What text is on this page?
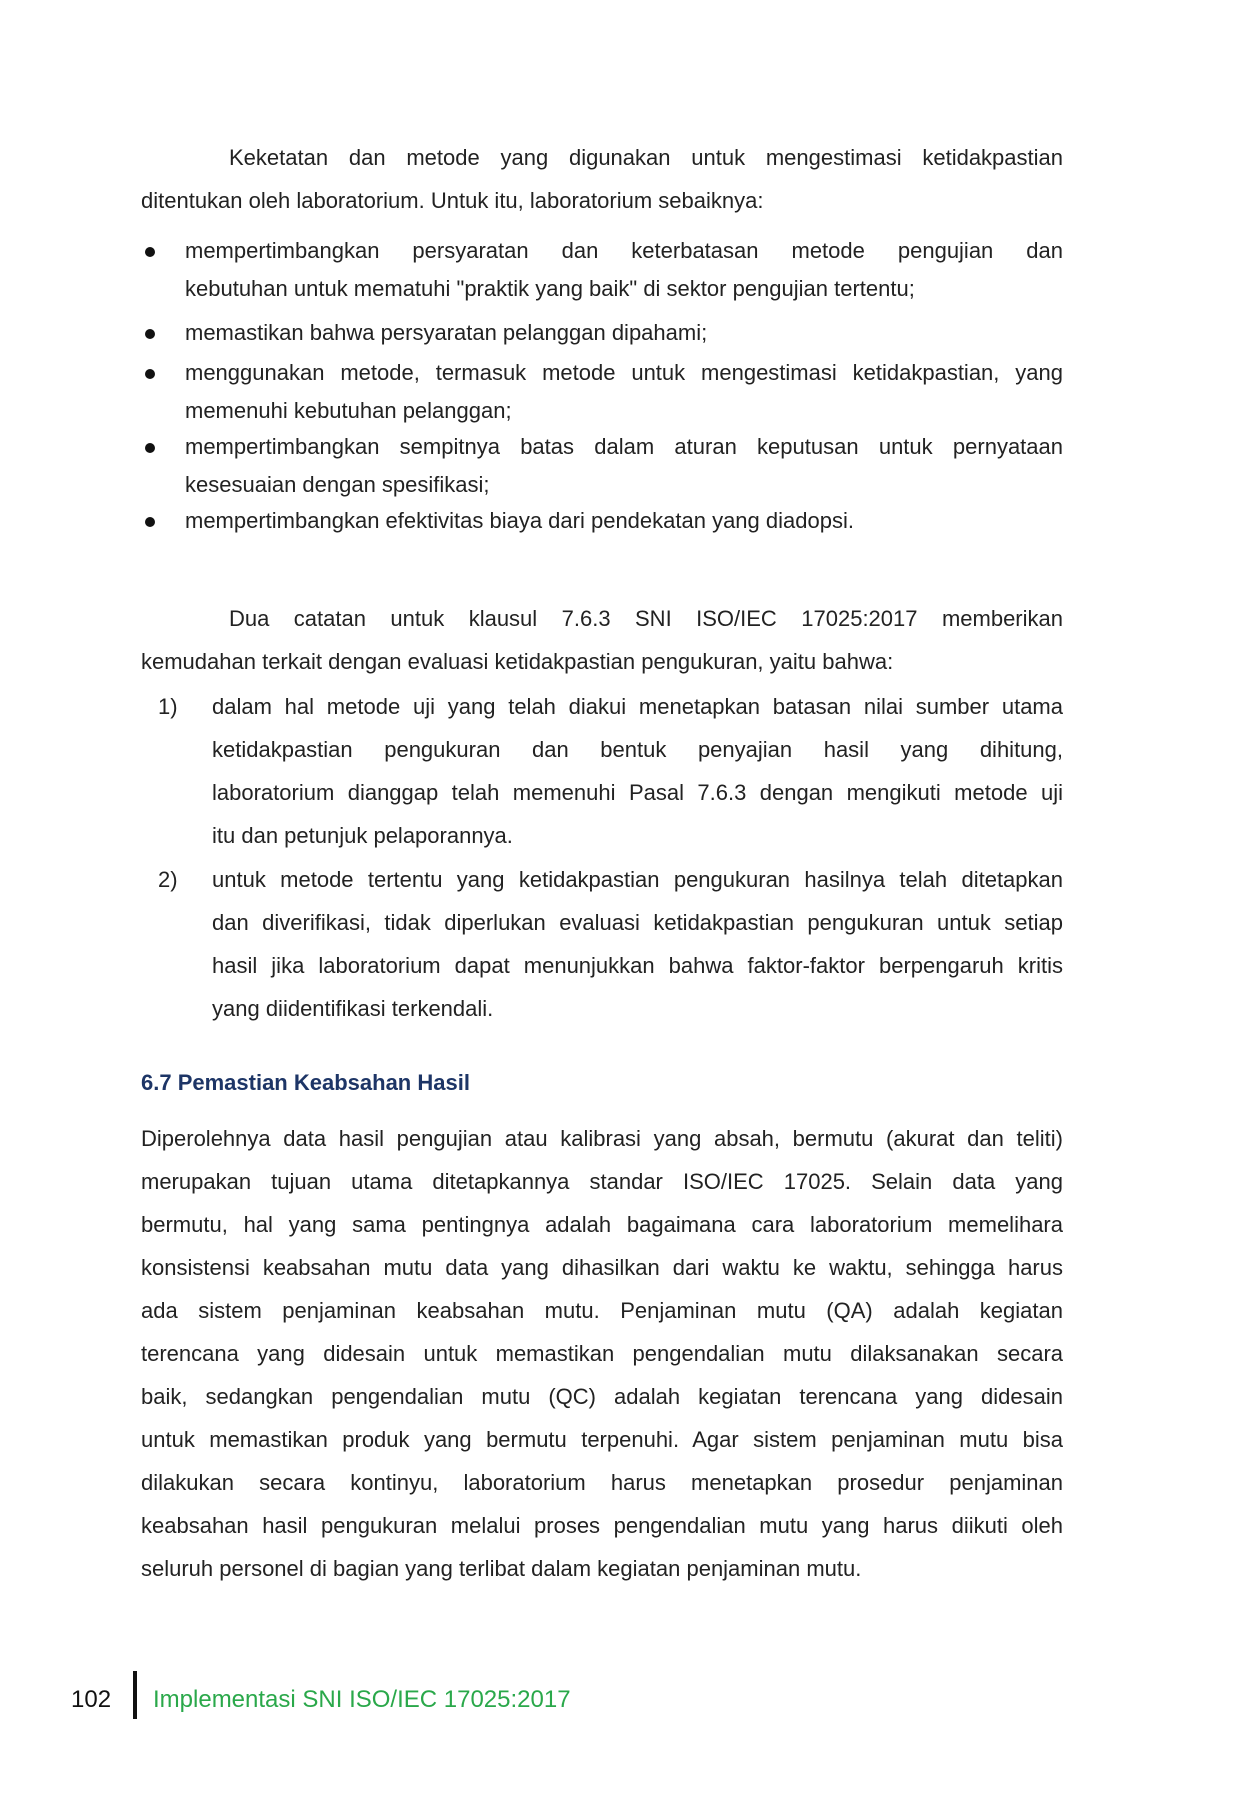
Keketatan dan metode yang digunakan untuk mengestimasi ketidakpastian
ditentukan oleh laboratorium. Untuk itu, laboratorium sebaiknya:
mempertimbangkan persyaratan dan keterbatasan metode pengujian dan
kebutuhan untuk mematuhi "praktik yang baik" di sektor pengujian tertentu;
memastikan bahwa persyaratan pelanggan dipahami;
menggunakan metode, termasuk metode untuk mengestimasi ketidakpastian, yang
memenuhi kebutuhan pelanggan;
mempertimbangkan sempitnya batas dalam aturan keputusan untuk pernyataan
kesesuaian dengan spesifikasi;
mempertimbangkan efektivitas biaya dari pendekatan yang diadopsi.
Dua catatan untuk klausul 7.6.3 SNI ISO/IEC 17025:2017 memberikan
kemudahan terkait dengan evaluasi ketidakpastian pengukuran, yaitu bahwa:
1) dalam hal metode uji yang telah diakui menetapkan batasan nilai sumber utama
ketidakpastian pengukuran dan bentuk penyajian hasil yang dihitung,
laboratorium dianggap telah memenuhi Pasal 7.6.3 dengan mengikuti metode uji
itu dan petunjuk pelaporannya.
2) untuk metode tertentu yang ketidakpastian pengukuran hasilnya telah ditetapkan
dan diverifikasi, tidak diperlukan evaluasi ketidakpastian pengukuran untuk setiap
hasil jika laboratorium dapat menunjukkan bahwa faktor-faktor berpengaruh kritis
yang diidentifikasi terkendali.
6.7 Pemastian Keabsahan Hasil
Diperolehnya data hasil pengujian atau kalibrasi yang absah, bermutu (akurat dan teliti)
merupakan tujuan utama ditetapkannya standar ISO/IEC 17025. Selain data yang
bermutu, hal yang sama pentingnya adalah bagaimana cara laboratorium memelihara
konsistensi keabsahan mutu data yang dihasilkan dari waktu ke waktu, sehingga harus
ada sistem penjaminan keabsahan mutu. Penjaminan mutu (QA) adalah kegiatan
terencana yang didesain untuk memastikan pengendalian mutu dilaksanakan secara
baik, sedangkan pengendalian mutu (QC) adalah kegiatan terencana yang didesain
untuk memastikan produk yang bermutu terpenuhi. Agar sistem penjaminan mutu bisa
dilakukan secara kontinyu, laboratorium harus menetapkan prosedur penjaminan
keabsahan hasil pengukuran melalui proses pengendalian mutu yang harus diikuti oleh
seluruh personel di bagian yang terlibat dalam kegiatan penjaminan mutu.
102 Implementasi SNI ISO/IEC 17025:2017
